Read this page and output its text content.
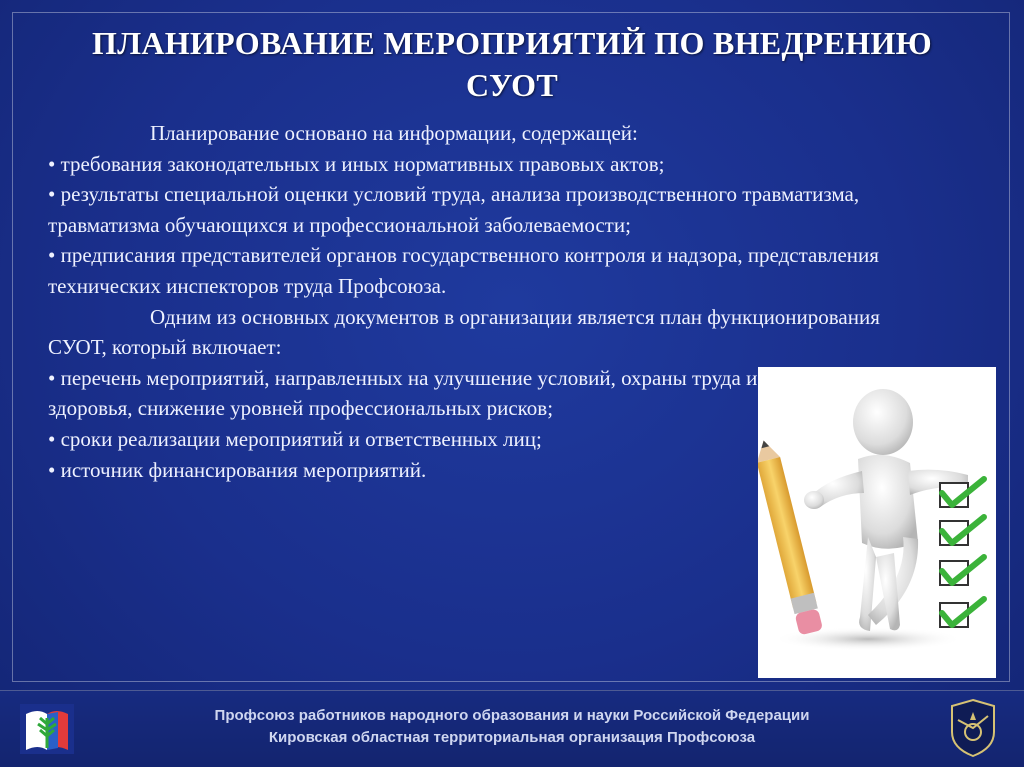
ПЛАНИРОВАНИЕ МЕРОПРИЯТИЙ ПО ВНЕДРЕНИЮ
СУОТ

Планирование основано на информации, содержащей:

• требования законодательных и иных нормативных правовых актов;

• результаты специальной оценки условий труда, анализа производственного травматизма, травматизма обучающихся и профессиональной заболеваемости;

• предписания представителей органов государственного контроля и надзора, представления технических инспекторов труда Профсоюза.

Одним из основных документов в организации является план функционирования СУОТ, который включает:

• перечень мероприятий, направленных на улучшение условий, охраны труда и здоровья, снижение уровней профессиональных рисков;

• сроки реализации мероприятий и ответственных лиц;

• источник финансирования мероприятий.

Профсоюз работников народного образования и науки Российской Федерации
Кировская областная территориальная организация Профсоюза
